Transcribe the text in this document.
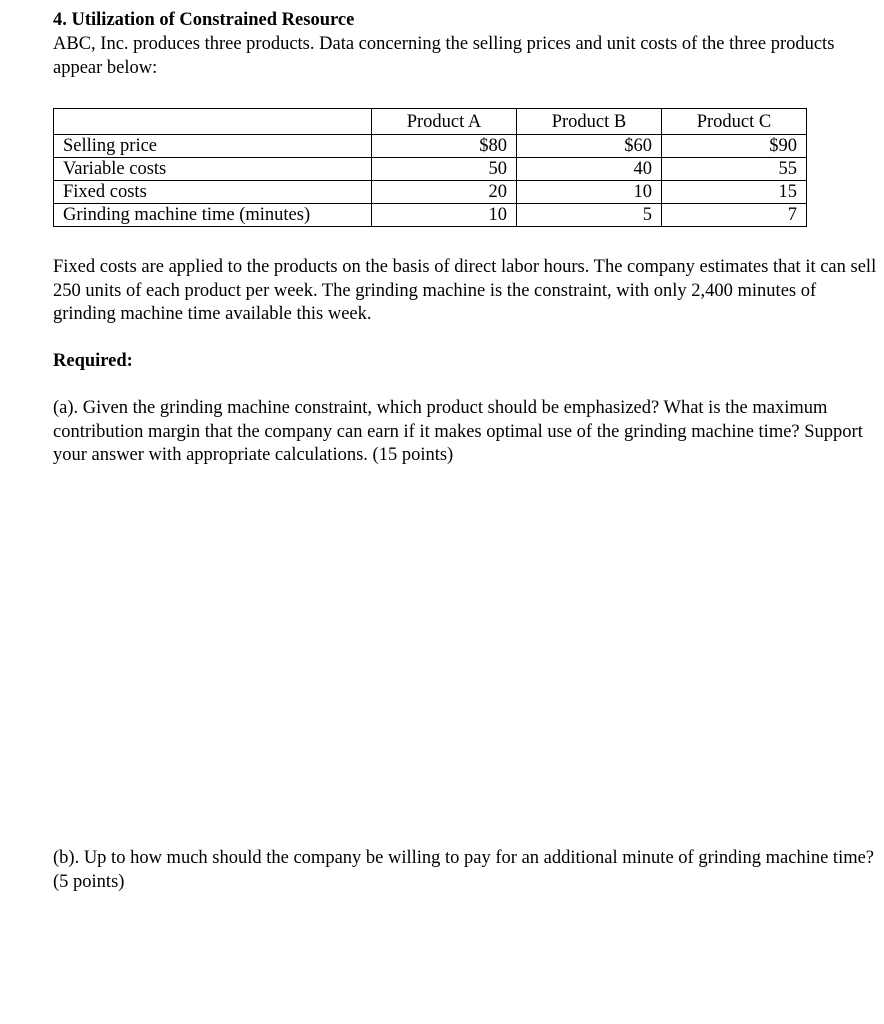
4. Utilization of Constrained Resource
ABC, Inc. produces three products. Data concerning the selling prices and unit costs of the three products appear below:
	Product A	Product B	Product C
Selling price	$80	$60	$90
Variable costs	50	40	55
Fixed costs	20	10	15
Grinding machine time (minutes)	10	5	7
Fixed costs are applied to the products on the basis of direct labor hours. The company estimates that it can sell 250 units of each product per week. The grinding machine is the constraint, with only 2,400 minutes of grinding machine time available this week.
Required:
(a). Given the grinding machine constraint, which product should be emphasized? What is the maximum contribution margin that the company can earn if it makes optimal use of the grinding machine time? Support your answer with appropriate calculations. (15 points)
(b). Up to how much should the company be willing to pay for an additional minute of grinding machine time? (5 points)
